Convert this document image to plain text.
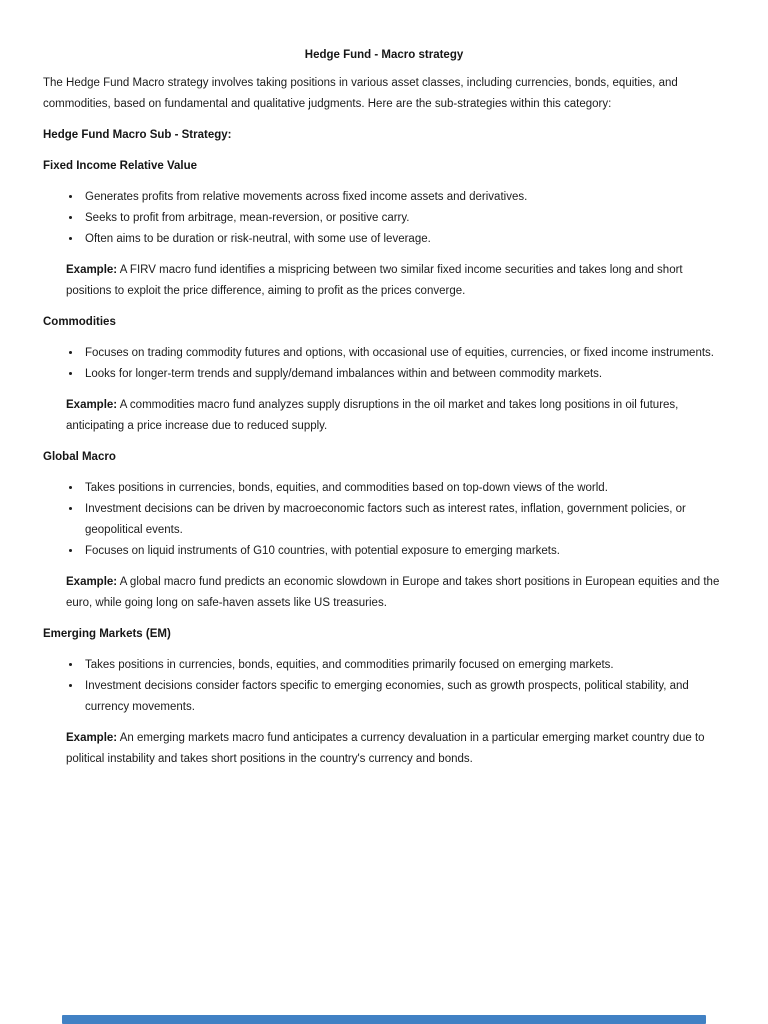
Hedge Fund - Macro strategy

The Hedge Fund Macro strategy involves taking positions in various asset classes, including currencies, bonds, equities, and commodities, based on fundamental and qualitative judgments. Here are the sub-strategies within this category:

Hedge Fund Macro Sub - Strategy:
Fixed Income Relative Value
• Generates profits from relative movements across fixed income assets and derivatives.
• Seeks to profit from arbitrage, mean-reversion, or positive carry.
• Often aims to be duration or risk-neutral, with some use of leverage.

Example: A FIRV macro fund identifies a mispricing between two similar fixed income securities and takes long and short positions to exploit the price difference, aiming to profit as the prices converge.

Commodities
• Focuses on trading commodity futures and options, with occasional use of equities, currencies, or fixed income instruments.
• Looks for longer-term trends and supply/demand imbalances within and between commodity markets.

Example: A commodities macro fund analyzes supply disruptions in the oil market and takes long positions in oil futures, anticipating a price increase due to reduced supply.

Global Macro
• Takes positions in currencies, bonds, equities, and commodities based on top-down views of the world.
• Investment decisions can be driven by macroeconomic factors such as interest rates, inflation, government policies, or geopolitical events.
• Focuses on liquid instruments of G10 countries, with potential exposure to emerging markets.

Example: A global macro fund predicts an economic slowdown in Europe and takes short positions in European equities and the euro, while going long on safe-haven assets like US treasuries.

Emerging Markets (EM)
• Takes positions in currencies, bonds, equities, and commodities primarily focused on emerging markets.
• Investment decisions consider factors specific to emerging economies, such as growth prospects, political stability, and currency movements.

Example: An emerging markets macro fund anticipates a currency devaluation in a particular emerging market country due to political instability and takes short positions in the country's currency and bonds.
